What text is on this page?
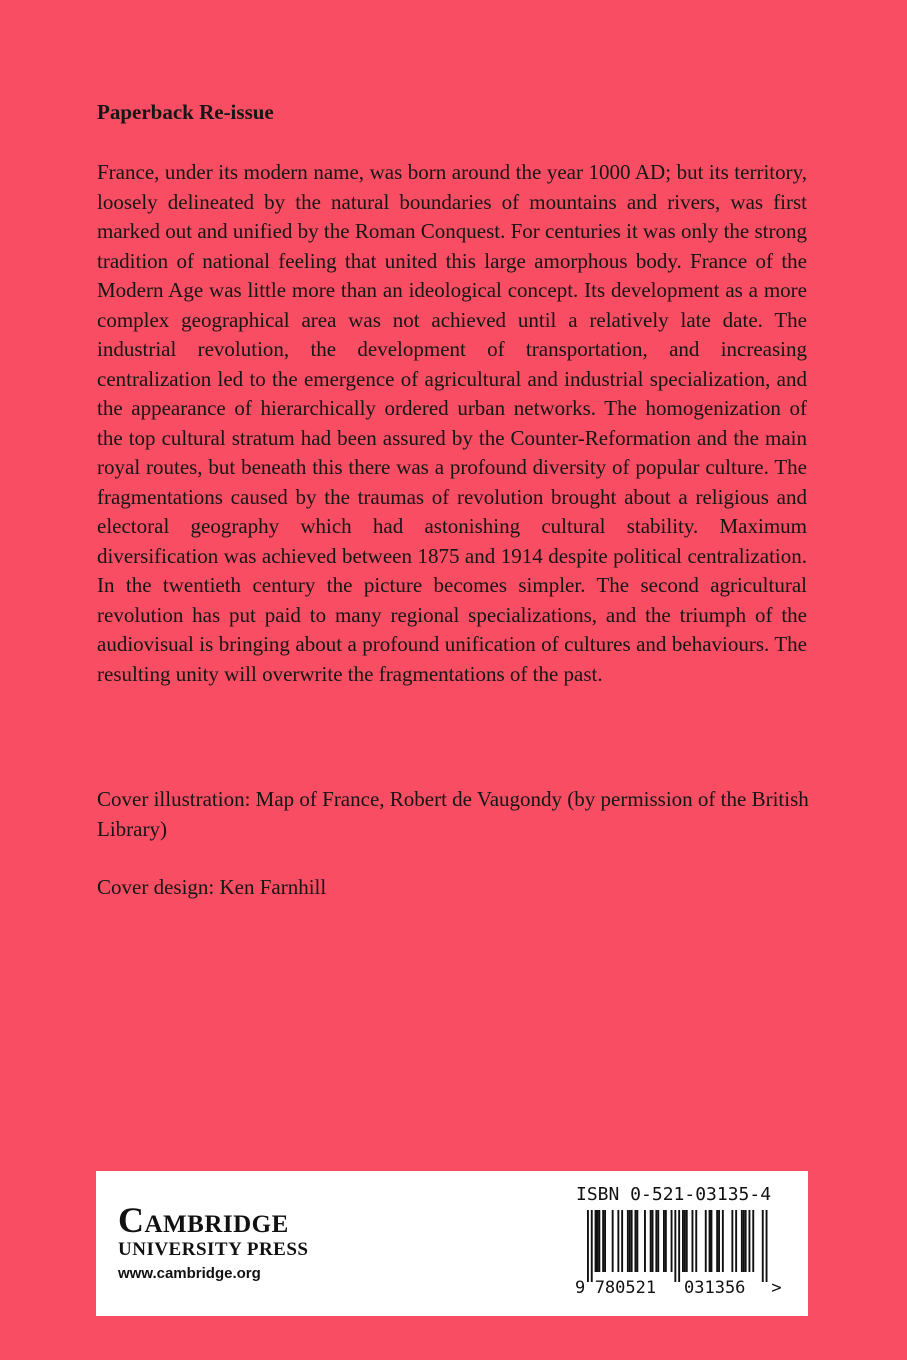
Paperback Re-issue

France, under its modern name, was born around the year 1000 AD; but its territory, loosely delineated by the natural boundaries of mountains and rivers, was first marked out and unified by the Roman Conquest. For centuries it was only the strong tradition of national feeling that united this large amorphous body. France of the Modern Age was little more than an ideological concept. Its development as a more complex geographical area was not achieved until a relatively late date. The industrial revolution, the development of transportation, and increasing centralization led to the emergence of agricultural and industrial specialization, and the appearance of hierarchically ordered urban networks. The homogenization of the top cultural stratum had been assured by the Counter-Reformation and the main royal routes, but beneath this there was a profound diversity of popular culture. The fragmentations caused by the traumas of revolution brought about a religious and electoral geography which had astonishing cultural stability. Maximum diversification was achieved between 1875 and 1914 despite political centralization. In the twentieth century the picture becomes simpler. The second agricultural revolution has put paid to many regional specializations, and the triumph of the audiovisual is bringing about a profound unification of cultures and behaviours. The resulting unity will overwrite the fragmentations of the past.

Cover illustration: Map of France, Robert de Vaugondy (by permission of the British Library)

Cover design: Ken Farnhill

Cambridge
UNIVERSITY PRESS
www.cambridge.org
ISBN 0-521-03135-4
9 780521 031356 >
